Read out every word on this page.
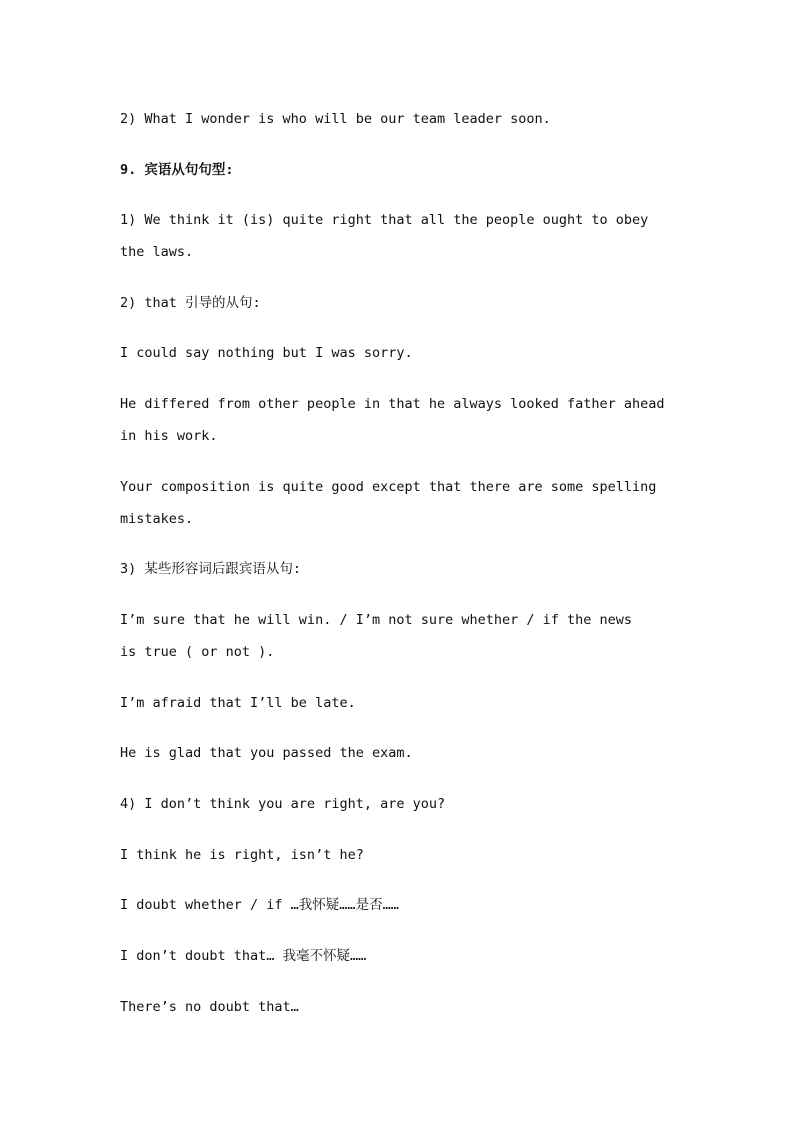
2) What I wonder is who will be our team leader soon.
9. 宾语从句句型:
1) We think it (is) quite right that all the people ought to obey
the laws.
2) that 引导的从句:
I could say nothing but I was sorry.
He differed from other people in that he always looked father ahead
in his work.
Your composition is quite good except that there are some spelling
mistakes.
3) 某些形容词后跟宾语从句:
I’m sure that he will win. / I’m not sure whether / if the news
is true ( or not ).
I’m afraid that I’ll be late.
He is glad that you passed the exam.
4) I don’t think you are right, are you?
I think he is right, isn’t he?
I doubt whether / if …我怀疑……是否……
I don’t doubt that… 我毫不怀疑……
There’s no doubt that…
